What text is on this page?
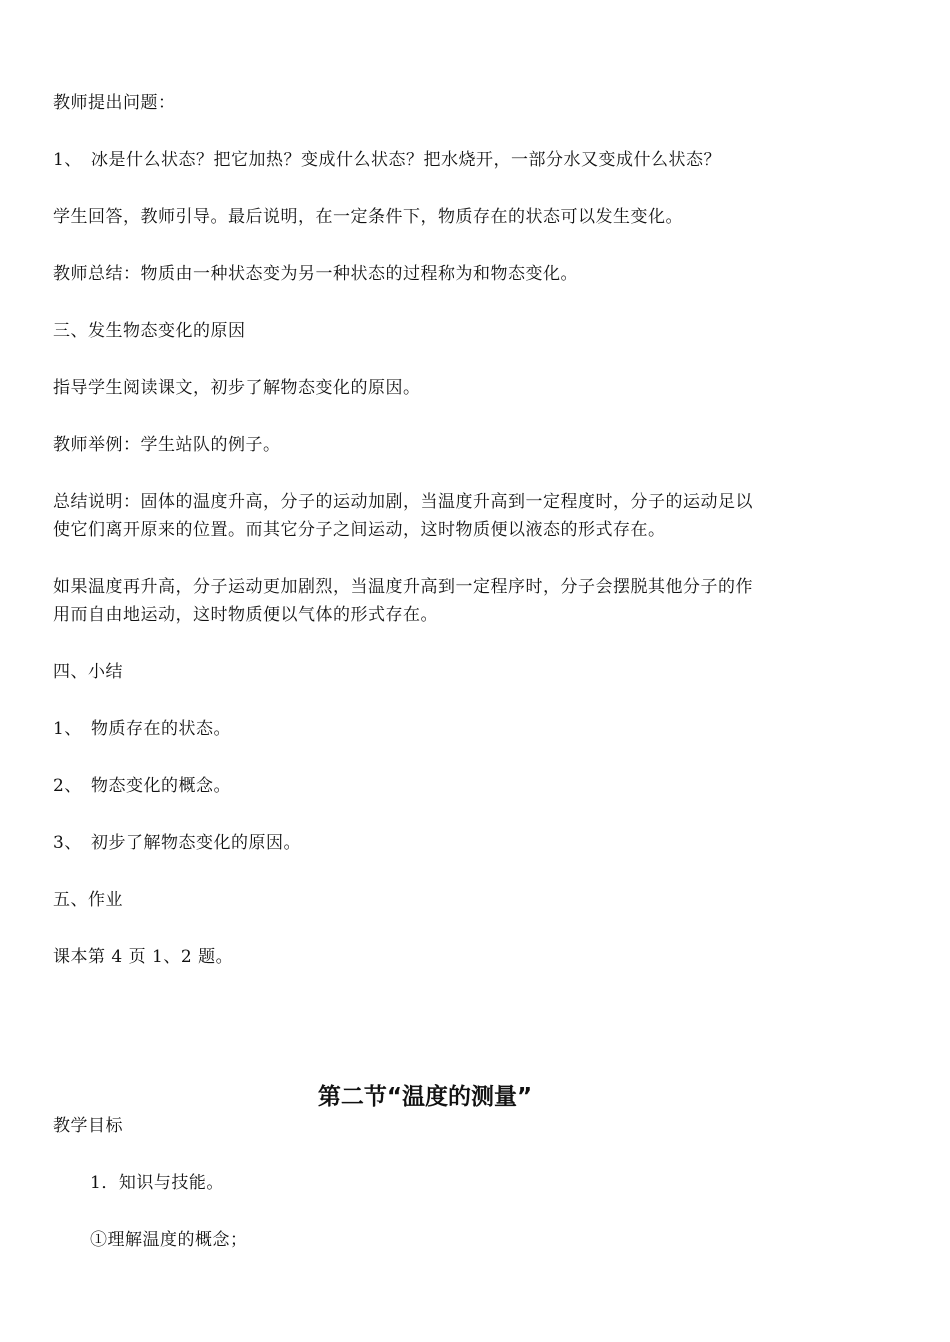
教师提出问题：
1、 冰是什么状态？把它加热？变成什么状态？把水烧开，一部分水又变成什么状态？
学生回答，教师引导。最后说明，在一定条件下，物质存在的状态可以发生变化。
教师总结：物质由一种状态变为另一种状态的过程称为和物态变化。
三、发生物态变化的原因
指导学生阅读课文，初步了解物态变化的原因。
教师举例：学生站队的例子。
总结说明：固体的温度升高，分子的运动加剧，当温度升高到一定程度时，分子的运动足以
使它们离开原来的位置。而其它分子之间运动，这时物质便以液态的形式存在。
如果温度再升高，分子运动更加剧烈，当温度升高到一定程序时，分子会摆脱其他分子的作
用而自由地运动，这时物质便以气体的形式存在。
四、小结
1、 物质存在的状态。
2、 物态变化的概念。
3、 初步了解物态变化的原因。
五、作业
课本第 4 页 1、2 题。
第二节“温度的测量”
教学目标
1．知识与技能。
①理解温度的概念；
